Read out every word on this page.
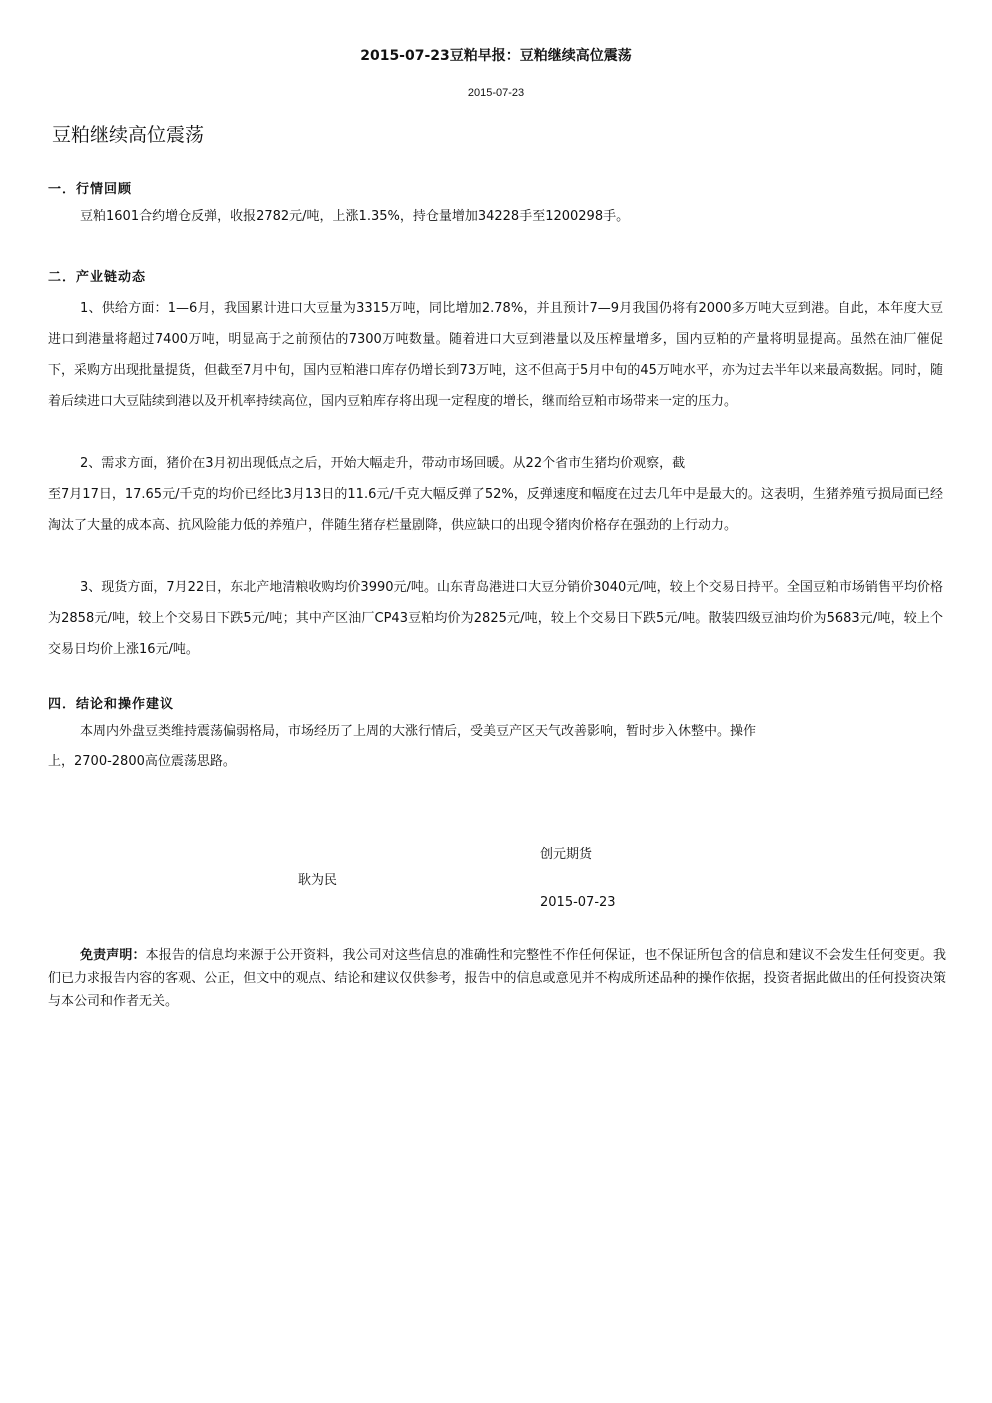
2015-07-23豆粕早报：豆粕继续高位震荡
2015-07-23
豆粕继续高位震荡
一．行情回顾

豆粕1601合约增仓反弹，收报2782元/吨，上涨1.35%，持仓量增加34228手至1200298手。

二．产业链动态

1、供给方面：1—6月，我国累计进口大豆量为3315万吨，同比增加2.78%，并且预计7—9月我国仍将有2000多万吨大豆到港。自此，本年度大豆进口到港量将超过7400万吨，明显高于之前预估的7300万吨数量。随着进口大豆到港量以及压榨量增多，国内豆粕的产量将明显提高。虽然在油厂催促下，采购方出现批量提货，但截至7月中旬，国内豆粕港口库存仍增长到73万吨，这不但高于5月中旬的45万吨水平，亦为过去半年以来最高数据。同时，随着后续进口大豆陆续到港以及开机率持续高位，国内豆粕库存将出现一定程度的增长，继而给豆粕市场带来一定的压力。

2、需求方面，猪价在3月初出现低点之后，开始大幅走升，带动市场回暖。从22个省市生猪均价观察，截

至7月17日，17.65元/千克的均价已经比3月13日的11.6元/千克大幅反弹了52%，反弹速度和幅度在过去几年中是最大的。这表明，生猪养殖亏损局面已经淘汰了大量的成本高、抗风险能力低的养殖户，伴随生猪存栏量剧降，供应缺口的出现令猪肉价格存在强劲的上行动力。

3、现货方面，7月22日，东北产地清粮收购均价3990元/吨。山东青岛港进口大豆分销价3040元/吨，较上个交易日持平。全国豆粕市场销售平均价格为2858元/吨，较上个交易日下跌5元/吨；其中产区油厂CP43豆粕均价为2825元/吨，较上个交易日下跌5元/吨。散装四级豆油均价为5683元/吨，较上个交易日均价上涨16元/吨。

四．结论和操作建议

本周内外盘豆类维持震荡偏弱格局，市场经历了上周的大涨行情后，受美豆产区天气改善影响，暂时步入休整中。操作

上，2700-2800高位震荡思路。

创元期货
耿为民
2015-07-23

免责声明：本报告的信息均来源于公开资料，我公司对这些信息的准确性和完整性不作任何保证，也不保证所包含的信息和建议不会发生任何变更。我们已力求报告内容的客观、公正，但文中的观点、结论和建议仅供参考，报告中的信息或意见并不构成所述品种的操作依据，投资者据此做出的任何投资决策与本公司和作者无关。
